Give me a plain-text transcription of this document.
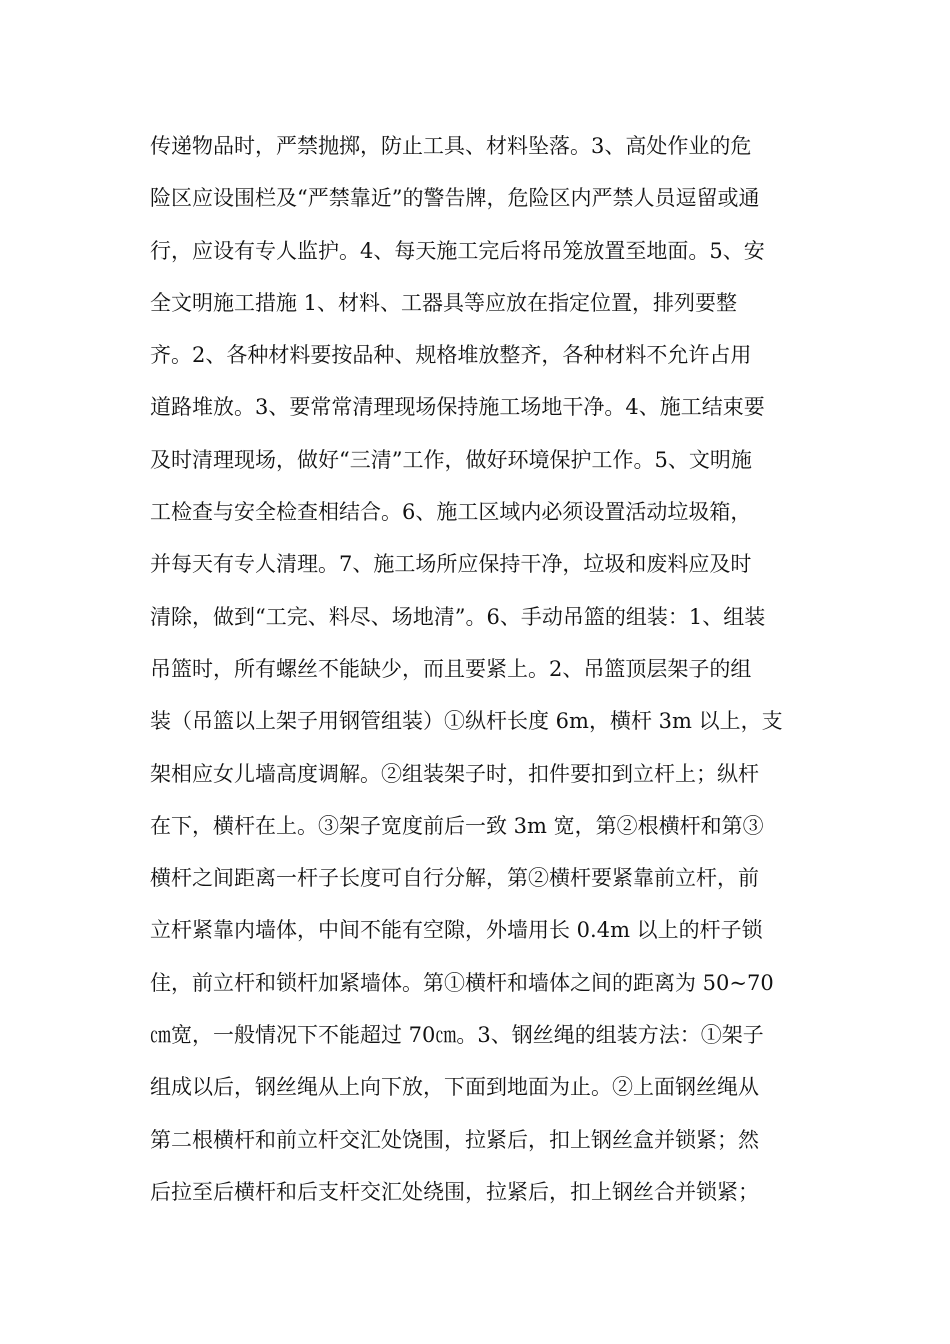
传递物品时，严禁抛掷，防止工具、材料坠落。3、高处作业的危
险区应设围栏及“严禁靠近”的警告牌，危险区内严禁人员逗留或通
行，应设有专人监护。4、每天施工完后将吊笼放置至地面。5、安
全文明施工措施 1、材料、工器具等应放在指定位置，排列要整
齐。2、各种材料要按品种、规格堆放整齐，各种材料不允许占用
道路堆放。3、要常常清理现场保持施工场地干净。4、施工结束要
及时清理现场，做好“三清”工作，做好环境保护工作。5、文明施
工检查与安全检查相结合。6、施工区域内必须设置活动垃圾箱，
并每天有专人清理。7、施工场所应保持干净，垃圾和废料应及时
清除，做到“工完、料尽、场地清”。6、手动吊篮的组装：1、组装
吊篮时，所有螺丝不能缺少，而且要紧上。2、吊篮顶层架子的组
装（吊篮以上架子用钢管组装）①纵杆长度 6m，横杆 3m 以上，支
架相应女儿墙高度调解。②组装架子时，扣件要扣到立杆上；纵杆
在下，横杆在上。③架子宽度前后一致 3m 宽，第②根横杆和第③
横杆之间距离一杆子长度可自行分解，第②横杆要紧靠前立杆，前
立杆紧靠内墙体，中间不能有空隙，外墙用长 0.4m 以上的杆子锁
住，前立杆和锁杆加紧墙体。第①横杆和墙体之间的距离为 50~70
㎝宽，一般情况下不能超过 70㎝。3、钢丝绳的组装方法：①架子
组成以后，钢丝绳从上向下放，下面到地面为止。②上面钢丝绳从
第二根横杆和前立杆交汇处饶围，拉紧后，扣上钢丝盒并锁紧；然
后拉至后横杆和后支杆交汇处绕围，拉紧后，扣上钢丝合并锁紧；
